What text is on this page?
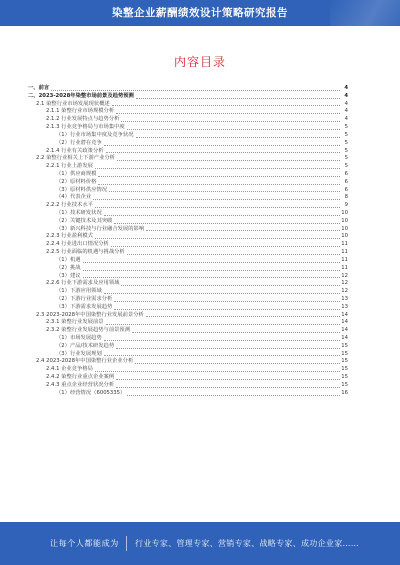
染整企业薪酬绩效设计策略研究报告
内容目录
一、前言	4
二、2023-2028年染整市场前景及趋势预测	4
2.1 染整行业市场发展现状概述	4
2.1.1 染整行业市场规模分析	4
2.1.2 行业发展特点与趋势分析	4
2.1.3 行业竞争格局与市场集中度	5
（1）行业市场集中度及竞争状况	5
（2）行业潜在竞争	5
2.1.4 行业有关政策分析	5
2.2 染整行业相关上下游产业分析	5
2.2.1 行业上游发展	5
（1）供应商规模	6
（2）原材料价格	6
（3）原材料供应情况	6
（4）代表企业	8
2.2.2 行业技术水平	9
（1）技术研发状况	10
（2）关键技术及其突破	10
（3）新兴科技与行业融合发展的影响	10
2.2.3 行业盈利模式	10
2.2.4 行业进出口情况分析	11
2.2.5 行业面临的机遇与挑战分析	11
（1）机遇	11
（2）挑战	11
（3）建议	12
2.2.6 行业下游需求及应用领域	12
（1）下游应用领域	12
（2）下游行业需求分析	13
（3）下游需求发展趋势	13
2.3 2023-2028年中国染整行业发展前景分析	14
2.3.1 染整行业发展前景	14
2.3.2 染整行业发展趋势与前景预测	14
（1）市场发展趋势	14
（2）产品/技术研发趋势	15
（3）行业发展规划	15
2.4 2023-2028年中国染整行业企业分析	15
2.4.1 企业竞争格局	15
2.4.2 染整行业重点企业案例	15
2.4.3 重点企业经营状况分析	15
（1）经营情况（6005335）	16
让每个人都能成为 行业专家、管理专家、营销专家、战略专家、成功企业家……
